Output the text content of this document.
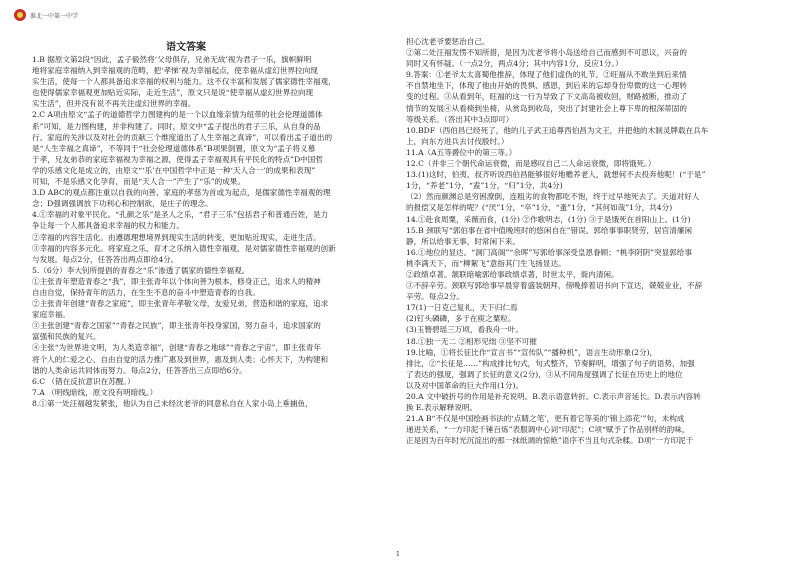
淮北一中第一中学
语文答案

1.B 据原文第2段“因此，孟子毅然将‘父母俱存，兄弟无故’视为君子一乐，旗帜鲜明

地将家庭幸福纳入到幸福观的范畴，把‘孝悌’视为幸福起点，使幸福从虚幻世界拉向现

实生活，使每一个人都具备追求幸福的权利与能力。这不仅丰富和发展了儒家德性幸福观，

也使得儒家幸福观更加贴近实际，走近生活”，原文只是说“使幸福从虚幻世界拉向现

实生活”，但并没有说不再关注虚幻世界的幸福。

2.C A项由原文“孟子的道德哲学力图建构的是一个以血缘亲情为纽带的社会伦理道德体

系”可知，是力图构建，并非构建了。同时，原文中“孟子提出的君子三乐，从自身的品

行、家庭的关涉以及对社会的贡献三个维度道出了人生幸福之真谛”，可以看出孟子道出的

是“人生幸福之真谛”，不等同于“社会伦理道德体系”B项果倒置，原文为“孟子将义慕

于孝，兄友弟恭的家庭幸福视为幸福之源，使得孟子幸福观具有平民化的特点”D中国哲

学的乐感文化是成立的，由原文“‘乐’在中国哲学中正是一种‘天人合一’的成果和表现”

可知，不是乐感文化孕育，而是“天人合一”产生了“乐”的成果。

3.D ABC的观点都注重以自我的向善、家庭的孝慈为首或为起点，是儒家德性幸福观的理

念；D强调强调放下功利心和控制欲，是庄子的理念。

4.①幸福的对象平民化。“孔颜之乐”是圣人之乐，“君子三乐”包括君子和普通百姓，是力

争让每一个人都具备追求幸福的权力和能力。

②幸福的内容生活化。由遵德理想境界到现实生活的转变，更加贴近现实，走进生活。

③幸福的内容多元化。将家庭之乐、育才之乐纳入德性幸福观，是对儒家德性幸福观的创新

与发展。每点2分，任答答出两点即给4分。

5.（6分）李大钊所提倡的青春之“乐”渗透了儒家的德性幸福观。

①主张青年塑造青春之“我”，即主张青年以个体向善为根本，修身正己，追求人的精神

自由自觉，保持青年的活力，在生生不息的奋斗中塑造青春的自我。

②主张青年创建“青春之家庭”，即主张青年孝敬父母，友爱兄弟，营造和谐的家庭，追求

家庭幸福。

③主张创建“青春之国家”“青春之民族”，即主张青年投身家国，努力奋斗，追求国家的

富强和民族的复兴。

④主张“为世界进文明，为人类造幸福”，创建“青春之地球”“青春之宇宙”，即主张青年

将个人的仁爱之心、自由自觉的活力推广惠及到世界，惠及到人类；心怀天下，为构建和

谐的人类命运共同体而努力。每点2分，任答答出三点即给6分。

6.C （错在反抗意识在苏醒。）

7.A （明线暗线，原文没有明暗线。）

8.①第一处汪福越发紧张，他认为自己未经沈老爷的同意私自在人家小岛上垂捕鱼，

担心沈老爷要惩治自己。

②第二处汪福发愣不知所措，是因为沈老爷将小岛送给自己而感到不可思议，兴奋的

同时又有怀疑。（一点2分，两点4分；其中内容1分，反应1分。）

9.答案：①老爷太太喜蜀他推辞，体现了他们虚伪的礼节。②旺福从不敢坐到后来情

不自禁地坐下，体现了他由开始的畏惧、感恩，到后来的忘却身份卑微的这一心理转

变的过程。③从看到年，旺福的这一行为导致了下文高岛被收回，财路被断，推动了

情节的发展④从看椅到坐椅，从赏岛到收岛，突出了封建社会上尊下卑的根深蒂固的

等级关系。（答出其中3点即可）

10.BDF（西伯昌已经死了，他的儿子武王追尊西伯昌为文王，并把他的木制灵牌载在兵车

上，向东方进兵去讨伐殷纣。）

11.A（A五等爵位中的第三等。）

12.C（并非三个朝代命运衰微，而是感叹自己二人命运衰微，即将饿死。）

13.(1)这时，伯夷、叔齐听说西伯昌能够很好地赡养老人，就想何不去投奔他呢！(“于是”

1分，“养老”1分，“盍”1分，“归”1分，共4分)

（2）然而颜渊总是穷困潦倒，连粗劣的食物都吃不饱，终于过早地死去了。天道对好人

的报偿又是怎样的呢？(“厌”1分，“卒”1分，“蚤”1分，“其何如哉”1分，共4分)

14.①赴食周粟，采薇而食，(1分) ②作歌明志，(1分) ③于是饿死在首阳山上。(1分)

15.B 颈联写“郭伯事在省中值晚班时的悠闲自在”错误。郭给事事职贤劳，居官清廉闲

静，所以给事无事，时常闲下来。

16.①地位的显达。“洞门高阁”“余晖”写郭给事深受皇恩眷顾；“桃李阴阴”突显郭给事

桃李满天下，而“柳絮飞”意指其门生飞扬显达。

②政绩卓著。颔联暗喻郭给事政绩卓著，时世太平，衙内清闲。

③不辞辛劳。颈联写郭给事早晨穿着盛装朝拜，傍晚捧着诏书向下宣达，兢兢业业，不辞

辛劳。每点2分。

17(1)一日克己复礼，天下归仁焉

(2)钉头磷磷，多于在庾之粟粒。

(3)玉簪碧瑶三万顷，看我舟一叶。

18.①独一无二 ②相形见绌 ③坚不可摧

19.比喻，①将长征比作“宣言书”“宣传队”“播种机”，语言生动形象(2分)，

排比，②“长征是……”构成排比句式，句式整齐，节奏鲜明，增强了句子的语势，加强

了表达的强度，强调了长征的意义(2分)，③从不同角度强调了长征在历史上的地位

以及对中国革命的巨大作用(1分)。

20.A 文中破折号的作用是补充说明。B.表示语意转折。C.表示声音延长。D.表示内容转

换 E.表示解释说明。

21.A B“不仅是中国绘画书法的‘点睛之笔’，更有着它等美的‘锦上添花’”句，未构成

递进关系，“一方印泥千锤百炼”表服调中心词“印泥”；C项“赋予了作品别样的韵味，

正是因为百年时光沉淀出的那一抹纸调的惊艳”语序不当且句式杂糅。D项“一方印泥千

1
